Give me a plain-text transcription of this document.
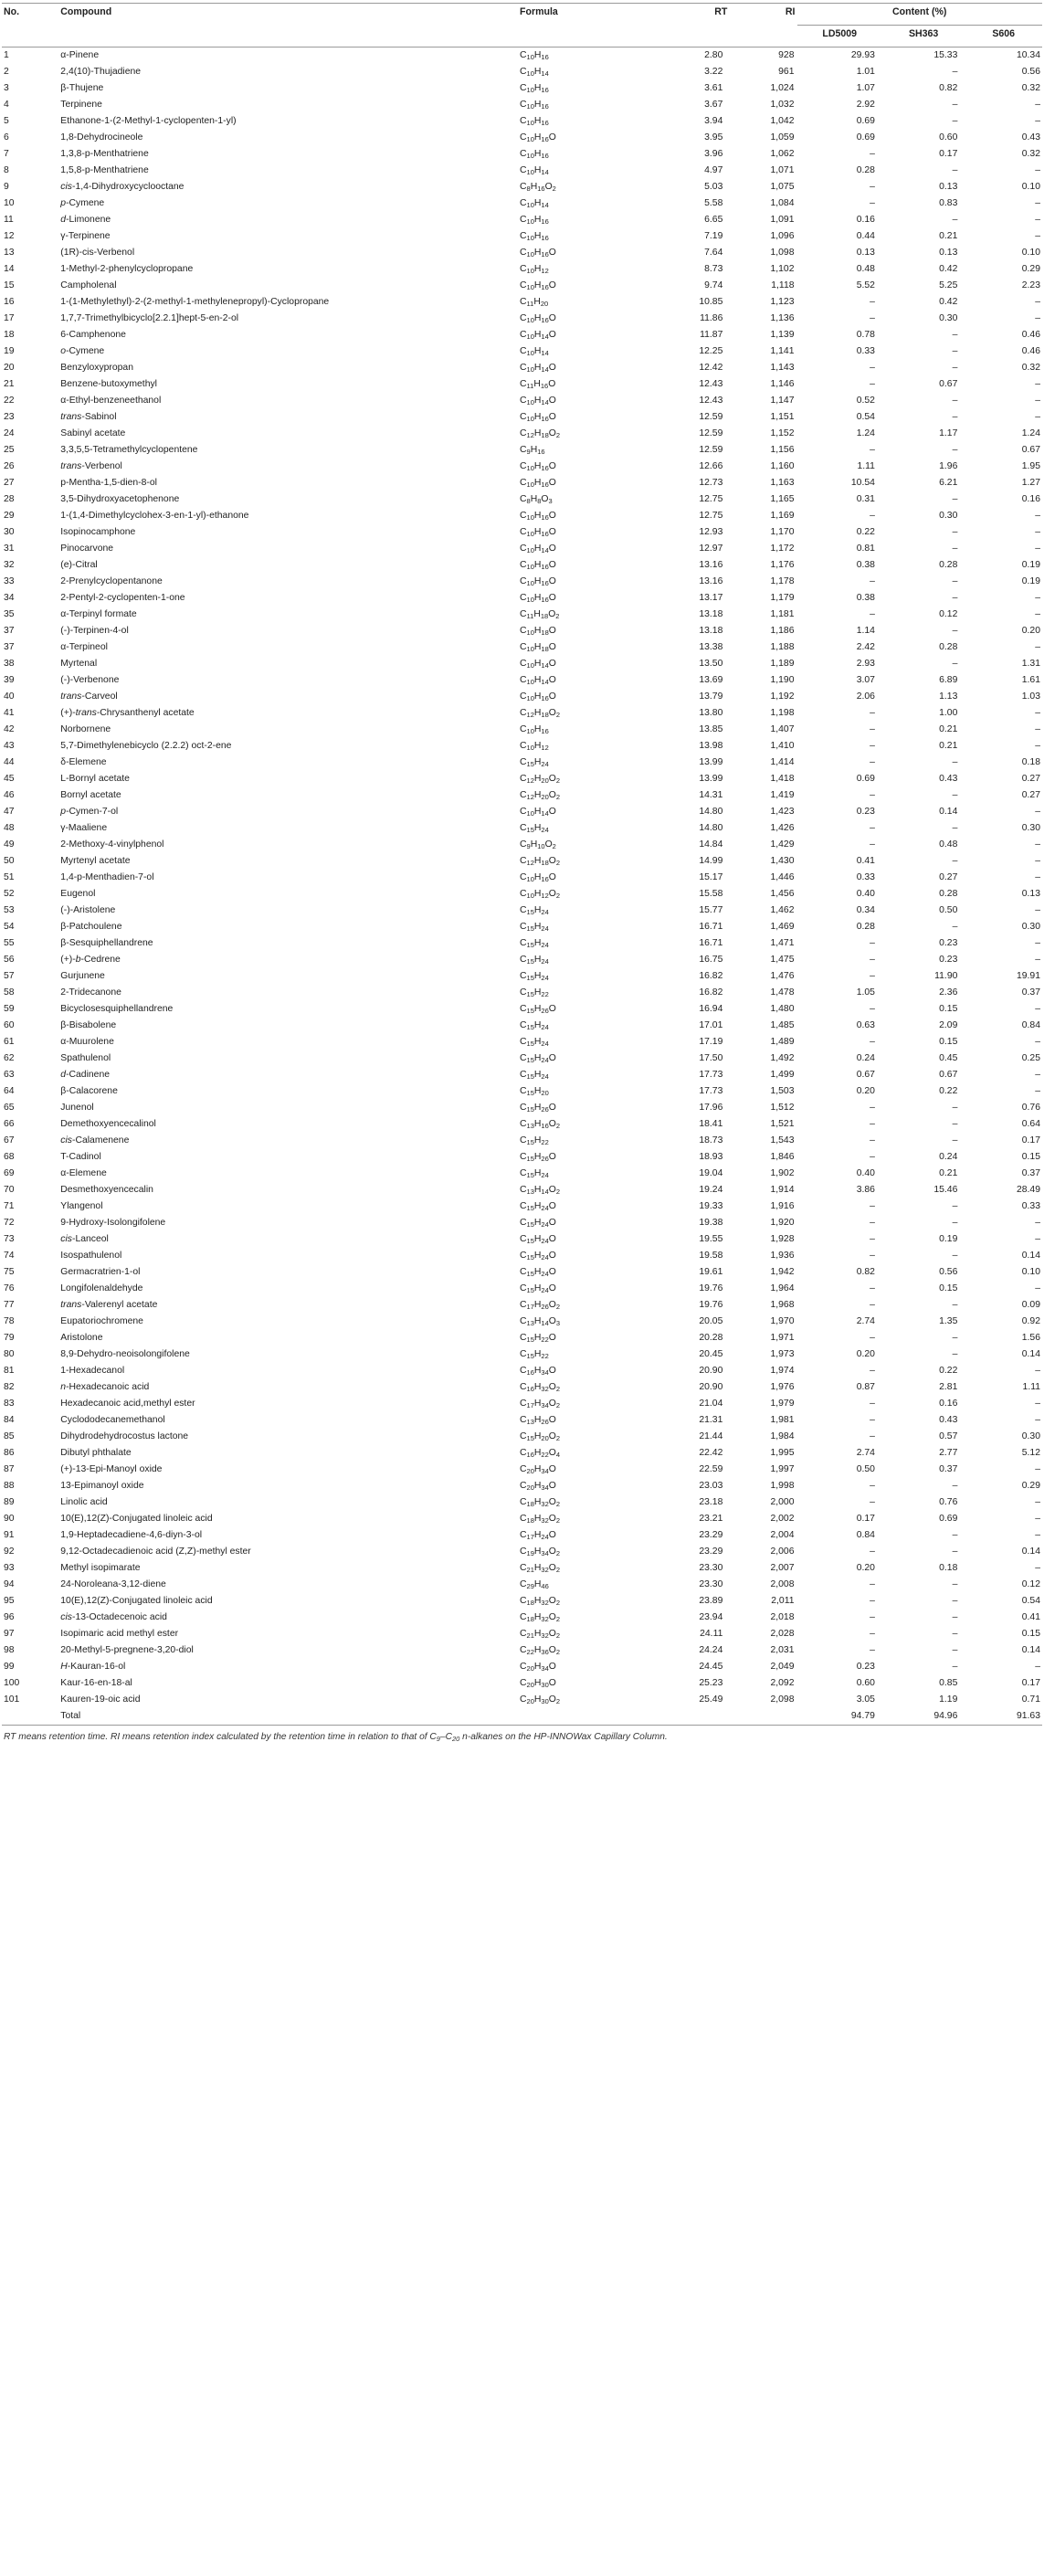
No.	Compound	Formula	RT	RI	Content (%)		
					LD5009	SH363	S606
1	α-Pinene	$C_{10}H_{16}$	2.80	928	29.93	15.33	10.34
2	2,4(10)-Thujadiene	$C_{10}H_{14}$	3.22	961	1.01	–	0.56
3	β-Thujene	$C_{10}H_{16}$	3.61	1,024	1.07	0.82	0.32
4	Terpinene	$C_{10}H_{16}$	3.67	1,032	2.92	–	–
5	Ethanone-1-(2-Methyl-1-cyclopenten-1-yl)	$C_{10}H_{16}$	3.94	1,042	0.69	–	–
6	1,8-Dehydrocineole	$C_{10}H_{16}O$	3.95	1,059	0.69	0.60	0.43
7	1,3,8-p-Menthatriene	$C_{10}H_{16}$	3.96	1,062	–	0.17	0.32
8	1,5,8-p-Menthatriene	$C_{10}H_{14}$	4.97	1,071	0.28	–	–
9	cis-1,4-Dihydroxycyclooctane	$C_8H_{16}O_2$	5.03	1,075	–	0.13	0.10
10	p-Cymene	$C_{10}H_{14}$	5.58	1,084	–	0.83	–
11	d-Limonene	$C_{10}H_{16}$	6.65	1,091	0.16	–	–
12	γ-Terpinene	$C_{10}H_{16}$	7.19	1,096	0.44	0.21	–
13	(1R)-cis-Verbenol	$C_{10}H_{16}O$	7.64	1,098	0.13	0.13	0.10
14	1-Methyl-2-phenylcyclopropane	$C_{10}H_{12}$	8.73	1,102	0.48	0.42	0.29
15	Campholenal	$C_{10}H_{16}O$	9.74	1,118	5.52	5.25	2.23
16	1-(1-Methylethyl)-2-(2-methyl-1-methylenepropyl)-Cyclopropane	$C_{11}H_{20}$	10.85	1,123	–	0.42	–
17	1,7,7-Trimethylbicyclo[2.2.1]hept-5-en-2-ol	$C_{10}H_{16}O$	11.86	1,136	–	0.30	–
18	6-Camphenone	$C_{10}H_{14}O$	11.87	1,139	0.78	–	0.46
19	o-Cymene	$C_{10}H_{14}$	12.25	1,141	0.33	–	0.46
20	Benzyloxypropan	$C_{10}H_{14}O$	12.42	1,143	–	–	0.32
21	Benzene-butoxymethyl	$C_{11}H_{16}O$	12.43	1,146	–	0.67	–
22	α-Ethyl-benzeneethanol	$C_{10}H_{14}O$	12.43	1,147	0.52	–	–
23	trans-Sabinol	$C_{10}H_{16}O$	12.59	1,151	0.54	–	–
24	Sabinyl acetate	$C_{12}H_{18}O_2$	12.59	1,152	1.24	1.17	1.24
25	3,3,5,5-Tetramethylcyclopentene	$C_9H_{16}$	12.59	1,156	–	–	0.67
26	trans-Verbenol	$C_{10}H_{16}O$	12.66	1,160	1.11	1.96	1.95
27	p-Mentha-1,5-dien-8-ol	$C_{10}H_{16}O$	12.73	1,163	10.54	6.21	1.27
28	3,5-Dihydroxyacetophenone	$C_8H_8O_3$	12.75	1,165	0.31	–	0.16
29	1-(1,4-Dimethylcyclohex-3-en-1-yl)-ethanone	$C_{10}H_{16}O$	12.75	1,169	–	0.30	–
30	Isopinocamphone	$C_{10}H_{16}O$	12.93	1,170	0.22	–	–
31	Pinocarvone	$C_{10}H_{14}O$	12.97	1,172	0.81	–	–
32	(e)-Citral	$C_{10}H_{16}O$	13.16	1,176	0.38	0.28	0.19
33	2-Prenylcyclopentanone	$C_{10}H_{16}O$	13.16	1,178	–	–	0.19
34	2-Pentyl-2-cyclopenten-1-one	$C_{10}H_{16}O$	13.17	1,179	0.38	–	–
35	α-Terpinyl formate	$C_{11}H_{18}O_2$	13.18	1,181	–	0.12	–
37	(-)-Terpinen-4-ol	$C_{10}H_{18}O$	13.18	1,186	1.14	–	0.20
37	α-Terpineol	$C_{10}H_{18}O$	13.38	1,188	2.42	0.28	–
38	Myrtenal	$C_{10}H_{14}O$	13.50	1,189	2.93	–	1.31
39	(-)-Verbenone	$C_{10}H_{14}O$	13.69	1,190	3.07	6.89	1.61
40	trans-Carveol	$C_{10}H_{16}O$	13.79	1,192	2.06	1.13	1.03
41	(+)-trans-Chrysanthenyl acetate	$C_{12}H_{18}O_2$	13.80	1,198	–	1.00	–
42	Norbornene	$C_{10}H_{16}$	13.85	1,407	–	0.21	–
43	5,7-Dimethylenebicyclo (2.2.2) oct-2-ene	$C_{10}H_{12}$	13.98	1,410	–	0.21	–
44	δ-Elemene	$C_{15}H_{24}$	13.99	1,414	–	–	0.18
45	L-Bornyl acetate	$C_{12}H_{20}O_2$	13.99	1,418	0.69	0.43	0.27
46	Bornyl acetate	$C_{12}H_{20}O_2$	14.31	1,419	–	–	0.27
47	p-Cymen-7-ol	$C_{10}H_{14}O$	14.80	1,423	0.23	0.14	–
48	γ-Maaliene	$C_{15}H_{24}$	14.80	1,426	–	–	0.30
49	2-Methoxy-4-vinylphenol	$C_9H_{10}O_2$	14.84	1,429	–	0.48	–
50	Myrtenyl acetate	$C_{12}H_{18}O_2$	14.99	1,430	0.41	–	–
51	1,4-p-Menthadien-7-ol	$C_{10}H_{16}O$	15.17	1,446	0.33	0.27	–
52	Eugenol	$C_{10}H_{12}O_2$	15.58	1,456	0.40	0.28	0.13
53	(-)-Aristolene	$C_{15}H_{24}$	15.77	1,462	0.34	0.50	–
54	β-Patchoulene	$C_{15}H_{24}$	16.71	1,469	0.28	–	0.30
55	β-Sesquiphellandrene	$C_{15}H_{24}$	16.71	1,471	–	0.23	–
56	(+)-b-Cedrene	$C_{15}H_{24}$	16.75	1,475	–	0.23	–
57	Gurjunene	$C_{15}H_{24}$	16.82	1,476	–	11.90	19.91
58	2-Tridecanone	$C_{15}H_{22}$	16.82	1,478	1.05	2.36	0.37
59	Bicyclosesquiphellandrene	$C_{15}H_{26}O$	16.94	1,480	–	0.15	–
60	β-Bisabolene	$C_{15}H_{24}$	17.01	1,485	0.63	2.09	0.84
61	α-Muurolene	$C_{15}H_{24}$	17.19	1,489	–	0.15	–
62	Spathulenol	$C_{15}H_{24}O$	17.50	1,492	0.24	0.45	0.25
63	d-Cadinene	$C_{15}H_{24}$	17.73	1,499	0.67	0.67	–
64	β-Calacorene	$C_{15}H_{20}$	17.73	1,503	0.20	0.22	–
65	Junenol	$C_{15}H_{26}O$	17.96	1,512	–	–	0.76
66	Demethoxyencecalinol	$C_{13}H_{16}O_2$	18.41	1,521	–	–	0.64
67	cis-Calamenene	$C_{15}H_{22}$	18.73	1,543	–	–	0.17
68	T-Cadinol	$C_{15}H_{26}O$	18.93	1,846	–	0.24	0.15
69	α-Elemene	$C_{15}H_{24}$	19.04	1,902	0.40	0.21	0.37
70	Desmethoxyencecalin	$C_{13}H_{14}O_2$	19.24	1,914	3.86	15.46	28.49
71	Ylangenol	$C_{15}H_{24}O$	19.33	1,916	–	–	0.33
72	9-Hydroxy-Isolongifolene	$C_{15}H_{24}O$	19.38	1,920	–	–	–
73	cis-Lanceol	$C_{15}H_{24}O$	19.55	1,928	–	0.19	–
74	Isospathulenol	$C_{15}H_{24}O$	19.58	1,936	–	–	0.14
75	Germacratrien-1-ol	$C_{15}H_{24}O$	19.61	1,942	0.82	0.56	0.10
76	Longifolenaldehyde	$C_{15}H_{24}O$	19.76	1,964	–	0.15	–
77	trans-Valerenyl acetate	$C_{17}H_{26}O_2$	19.76	1,968	–	–	0.09
78	Eupatoriochromene	$C_{13}H_{14}O_3$	20.05	1,970	2.74	1.35	0.92
79	Aristolone	$C_{15}H_{22}O$	20.28	1,971	–	–	1.56
80	8,9-Dehydro-neoisolongifolene	$C_{15}H_{22}$	20.45	1,973	0.20	–	0.14
81	1-Hexadecanol	$C_{16}H_{34}O$	20.90	1,974	–	0.22	–
82	n-Hexadecanoic acid	$C_{16}H_{32}O_2$	20.90	1,976	0.87	2.81	1.11
83	Hexadecanoic acid,methyl ester	$C_{17}H_{34}O_2$	21.04	1,979	–	0.16	–
84	Cyclododecanemethanol	$C_{13}H_{26}O$	21.31	1,981	–	0.43	–
85	Dihydrodehydrocostus lactone	$C_{15}H_{20}O_2$	21.44	1,984	–	0.57	0.30
86	Dibutyl phthalate	$C_{16}H_{22}O_4$	22.42	1,995	2.74	2.77	5.12
87	(+)-13-Epi-Manoyl oxide	$C_{20}H_{34}O$	22.59	1,997	0.50	0.37	–
88	13-Epimanoyl oxide	$C_{20}H_{34}O$	23.03	1,998	–	–	0.29
89	Linolic acid	$C_{18}H_{32}O_2$	23.18	2,000	–	0.76	–
90	10(E),12(Z)-Conjugated linoleic acid	$C_{18}H_{32}O_2$	23.21	2,002	0.17	0.69	–
91	1,9-Heptadecadiene-4,6-diyn-3-ol	$C_{17}H_{24}O$	23.29	2,004	0.84	–	–
92	9,12-Octadecadienoic acid (Z,Z)-methyl ester	$C_{19}H_{34}O_2$	23.29	2,006	–	–	0.14
93	Methyl isopimarate	$C_{21}H_{32}O_2$	23.30	2,007	0.20	0.18	–
94	24-Noroleana-3,12-diene	$C_{29}H_{46}$	23.30	2,008	–	–	0.12
95	10(E),12(Z)-Conjugated linoleic acid	$C_{18}H_{32}O_2$	23.89	2,011	–	–	0.54
96	cis-13-Octadecenoic acid	$C_{18}H_{32}O_2$	23.94	2,018	–	–	0.41
97	Isopimaric acid methyl ester	$C_{21}H_{32}O_2$	24.11	2,028	–	–	0.15
98	20-Methyl-5-pregnene-3,20-diol	$C_{22}H_{36}O_2$	24.24	2,031	–	–	0.14
99	H-Kauran-16-ol	$C_{20}H_{34}O$	24.45	2,049	0.23	–	–
100	Kaur-16-en-18-al	$C_{20}H_{30}O$	25.23	2,092	0.60	0.85	0.17
101	Kauren-19-oic acid	$C_{20}H_{30}O_2$	25.49	2,098	3.05	1.19	0.71
	Total				94.79	94.96	91.63
RT means retention time. RI means retention index calculated by the retention time in relation to that of $C_9-C_{20}$ n-alkanes on the HP-INNOWax Capillary Column.
